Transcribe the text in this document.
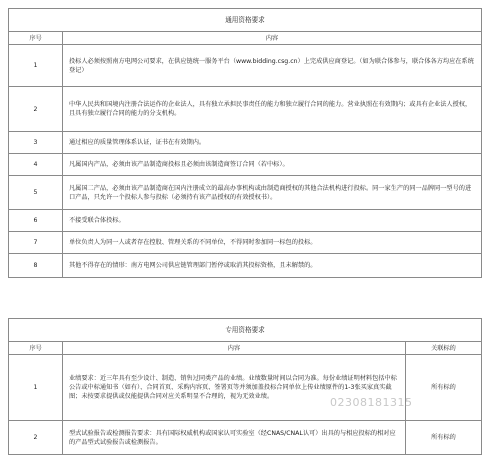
通用资格要求	
序号	内容
1	投标人必须按照南方电网公司要求，在供应链统一服务平台（www.bidding.csg.cn）上完成供应商登记。（如为联合体参与，联合体各方均应在系统登记）
2	中华人民共和国境内注册合法运作的企业法人，具有独立承担民事责任的能力和独立履行合同的能力。营业执照在有效期内；或具有企业法人授权，且具有独立履行合同的能力的分支机构。
3	通过相应的质量管理体系认证，证书在有效期内。
4	凡属国内产品，必须由该产品制造商投标且必须由该制造商签订合同（若中标）。
5	凡属国二产品，必须由该产品制造商在国内注册成立的最高办事机构或由制造商授权的其他合法机构进行投标。同一家生产的同一品牌同一型号的进口产品，只允许一个投标人参与投标（必须持有该产品授权的有效授权书）。
6	不接受联合体投标。
7	单位负责人为同一人或者存在控股、管理关系的不同单位，不得同时参加同一标包的投标。
8	其他不得存在的情形：南方电网公司供应链管理部门暂停或取消其投标资格，且未解禁的。
专用资格要求		
序号	内容	关联标的
1	业绩要求：近三年具有至少设计、制造、销售过同类产品的业绩。业绩数量时间以合同为准。每份业绩证明材料包括中标公告或中标通知书（如有）、合同首页、采购内容页、签署页等并须加盖投标合同单位上传业绩原件的1-3张买家真实截图；未按要求提供或仅能提供合同对应关系明显不合理的，视为无效业绩。	所有标的
2	型式试验报告或检测报告要求：具有国际权威机构或国家认可实验室（经CNAS/CNAL认可）出具的与相应投标的相对应的产品型式试验报告或检测报告。	所有标的
02308181315
